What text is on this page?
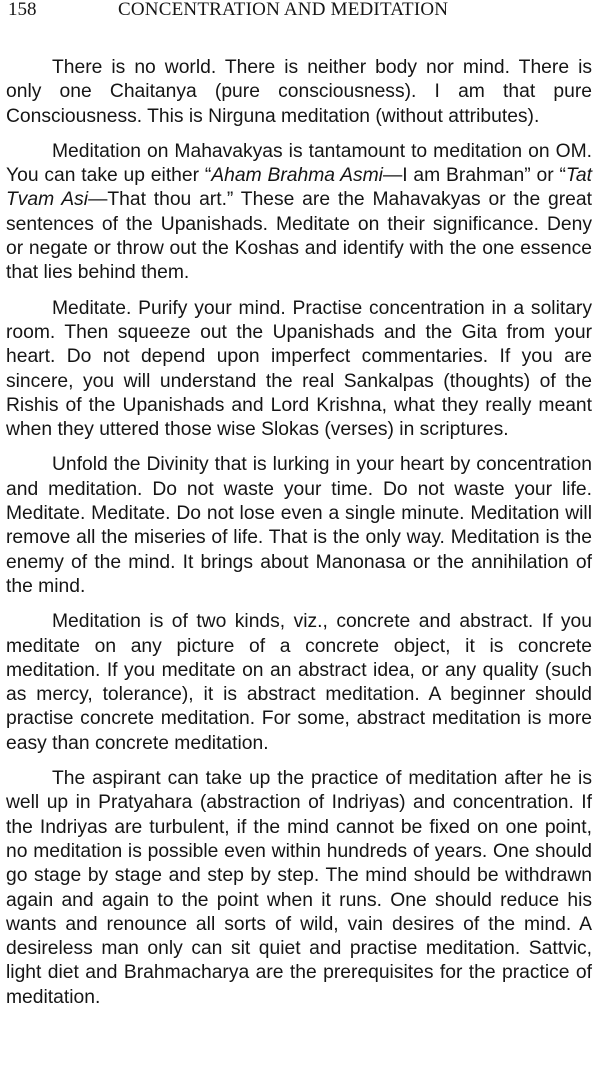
158	CONCENTRATION AND MEDITATION

There is no world. There is neither body nor mind. There is only one Chaitanya (pure consciousness). I am that pure Consciousness. This is Nirguna meditation (without attributes).

Meditation on Mahavakyas is tantamount to meditation on OM. You can take up either “Aham Brahma Asmi—I am Brahman” or “Tat Tvam Asi—That thou art.” These are the Mahavakyas or the great sentences of the Upanishads. Meditate on their significance. Deny or negate or throw out the Koshas and identify with the one essence that lies behind them.

Meditate. Purify your mind. Practise concentration in a solitary room. Then squeeze out the Upanishads and the Gita from your heart. Do not depend upon imperfect commentaries. If you are sincere, you will understand the real Sankalpas (thoughts) of the Rishis of the Upanishads and Lord Krishna, what they really meant when they uttered those wise Slokas (verses) in scriptures.

Unfold the Divinity that is lurking in your heart by concentration and meditation. Do not waste your time. Do not waste your life. Meditate. Meditate. Do not lose even a single minute. Meditation will remove all the miseries of life. That is the only way. Meditation is the enemy of the mind. It brings about Manonasa or the annihilation of the mind.

Meditation is of two kinds, viz., concrete and abstract. If you meditate on any picture of a concrete object, it is concrete meditation. If you meditate on an abstract idea, or any quality (such as mercy, tolerance), it is abstract meditation. A beginner should practise concrete meditation. For some, abstract meditation is more easy than concrete meditation.

The aspirant can take up the practice of meditation after he is well up in Pratyahara (abstraction of Indriyas) and concentration. If the Indriyas are turbulent, if the mind cannot be fixed on one point, no meditation is possible even within hundreds of years. One should go stage by stage and step by step. The mind should be withdrawn again and again to the point when it runs. One should reduce his wants and renounce all sorts of wild, vain desires of the mind. A desireless man only can sit quiet and practise meditation. Sattvic, light diet and Brahmacharya are the prerequisites for the practice of meditation.
